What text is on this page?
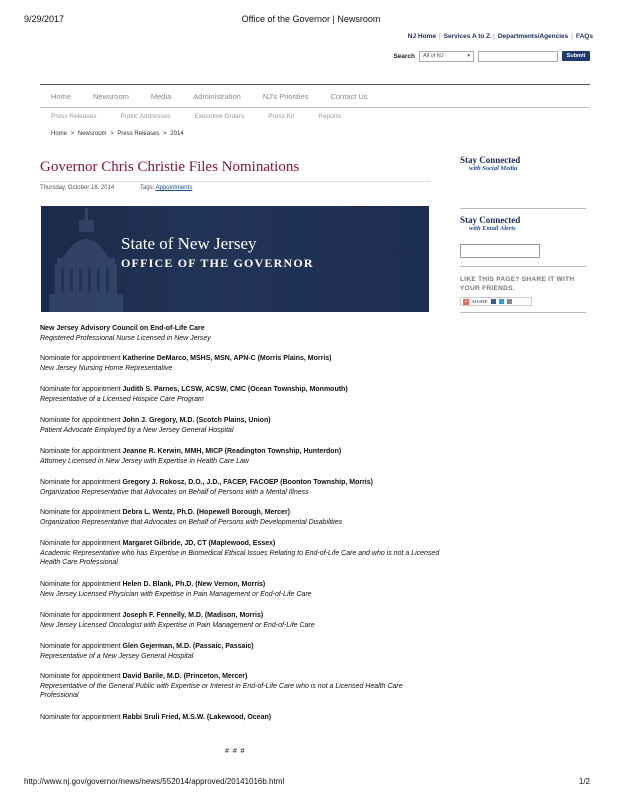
9/29/2017	Office of the Governor | Newsroom
NJ Home | Services A to Z | Departments/Agencies | FAQs
Search All of NJ	▾	Submit
Home	Newsroom	Media	Administration	NJ's Priorities	Contact Us
Press Releases	Public Addresses	Executive Orders	Press Kit	Reports
Home > Newsroom > Press Releases > 2014
Governor Chris Christie Files Nominations
Thursday, October 16, 2014	Tags: Appointments
State of New Jersey
OFFICE OF THE GOVERNOR
Stay Connected
with Social Media
Stay Connected
with Email Alerts
LIKE THIS PAGE? SHARE IT WITH YOUR FRIENDS.
+	SHARE
New Jersey Advisory Council on End-of-Life Care
Registered Professional Nurse Licensed in New Jersey
Nominate for appointment Katherine DeMarco, MSHS, MSN, APN-C (Morris Plains, Morris)
New Jersey Nursing Home Representative
Nominate for appointment Judith S. Parnes, LCSW, ACSW, CMC (Ocean Township, Monmouth)
Representative of a Licensed Hospice Care Program
Nominate for appointment John J. Gregory, M.D. (Scotch Plains, Union)
Patient Advocate Employed by a New Jersey General Hospital
Nominate for appointment Jeanne R. Kerwin, MMH, MICP (Readington Township, Hunterdon)
Attorney Licensed in New Jersey with Expertise in Health Care Law
Nominate for appointment Gregory J. Rokosz, D.O., J.D., FACEP, FACOEP (Boonton Township, Morris)
Organization Representative that Advocates on Behalf of Persons with a Mental Illness
Nominate for appointment Debra L. Wentz, Ph.D. (Hopewell Borough, Mercer)
Organization Representative that Advocates on Behalf of Persons with Developmental Disabilities
Nominate for appointment Margaret Gilbride, JD, CT (Maplewood, Essex)
Academic Representative who has Expertise in Biomedical Ethical Issues Relating to End-of-Life Care and who is not a Licensed Health Care Professional
Nominate for appointment Helen D. Blank, Ph.D. (New Vernon, Morris)
New Jersey Licensed Physician with Expertise in Pain Management or End-of-Life Care
Nominate for appointment Joseph F. Fennelly, M.D. (Madison, Morris)
New Jersey Licensed Oncologist with Expertise in Pain Management or End-of-Life Care
Nominate for appointment Glen Gejerman, M.D. (Passaic, Passaic)
Representative of a New Jersey General Hospital
Nominate for appointment David Barile, M.D. (Princeton, Mercer)
Representative of the General Public with Expertise or Interest in End-of-Life Care who is not a Licensed Health Care Professional
Nominate for appointment Rabbi Sruli Fried, M.S.W. (Lakewood, Ocean)
# # #
http://www.nj.gov/governor/news/news/552014/approved/20141016b.html	1/2
